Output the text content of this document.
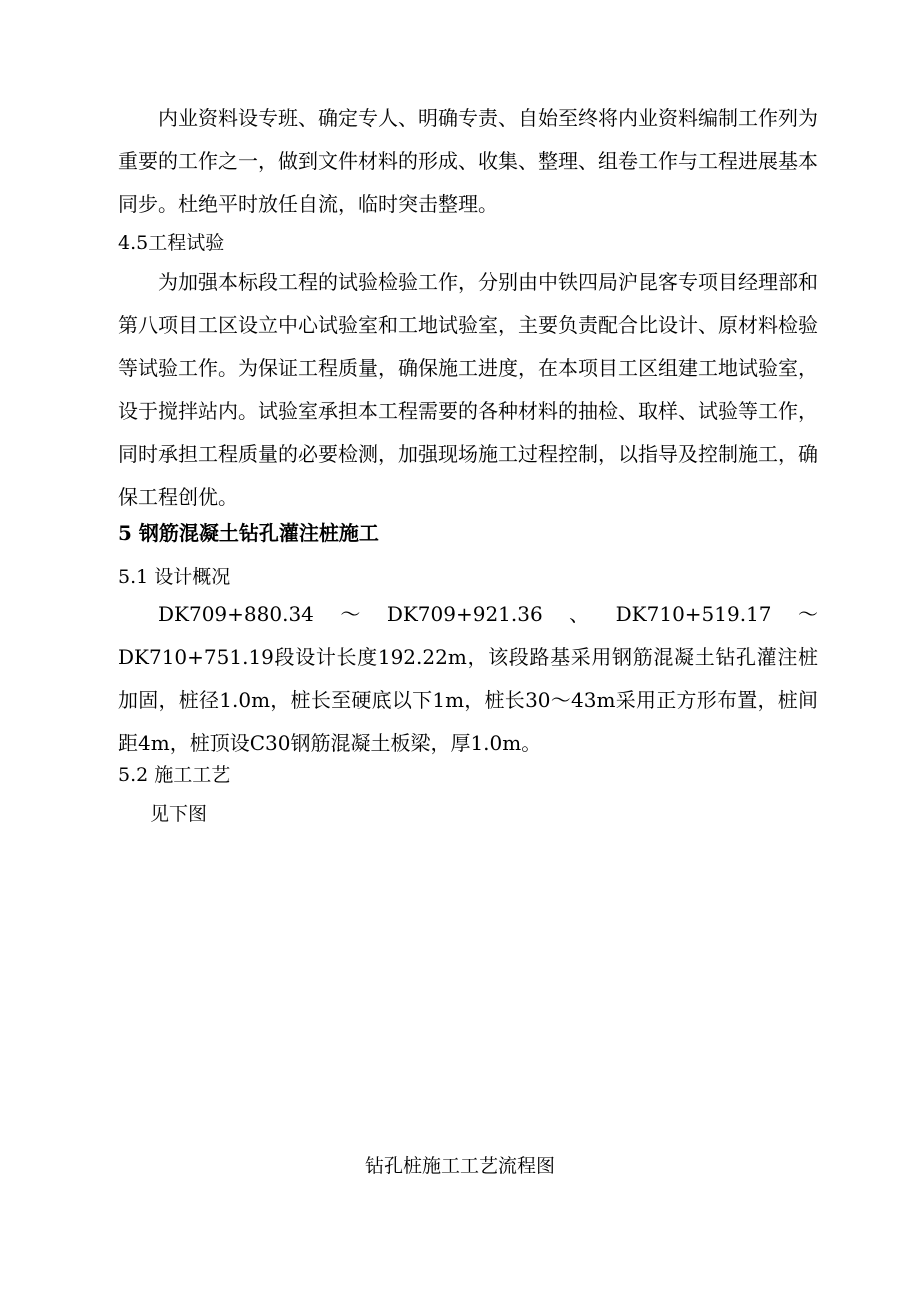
内业资料设专班、确定专人、明确专责、自始至终将内业资料编制工作列为重要的工作之一，做到文件材料的形成、收集、整理、组卷工作与工程进展基本同步。杜绝平时放任自流，临时突击整理。

4.5工程试验

为加强本标段工程的试验检验工作，分别由中铁四局沪昆客专项目经理部和第八项目工区设立中心试验室和工地试验室，主要负责配合比设计、原材料检验等试验工作。为保证工程质量，确保施工进度，在本项目工区组建工地试验室，设于搅拌站内。试验室承担本工程需要的各种材料的抽检、取样、试验等工作，同时承担工程质量的必要检测，加强现场施工过程控制，以指导及控制施工，确保工程创优。

5 钢筋混凝土钻孔灌注桩施工

5.1 设计概况

DK709+880.34～DK709+921.36、DK710+519.17～DK710+751.19段设计长度192.22m，该段路基采用钢筋混凝土钻孔灌注桩加固，桩径1.0m，桩长至硬底以下1m，桩长30～43m采用正方形布置，桩间距4m，桩顶设C30钢筋混凝土板梁，厚1.0m。

5.2 施工工艺

见下图

钻孔桩施工工艺流程图
